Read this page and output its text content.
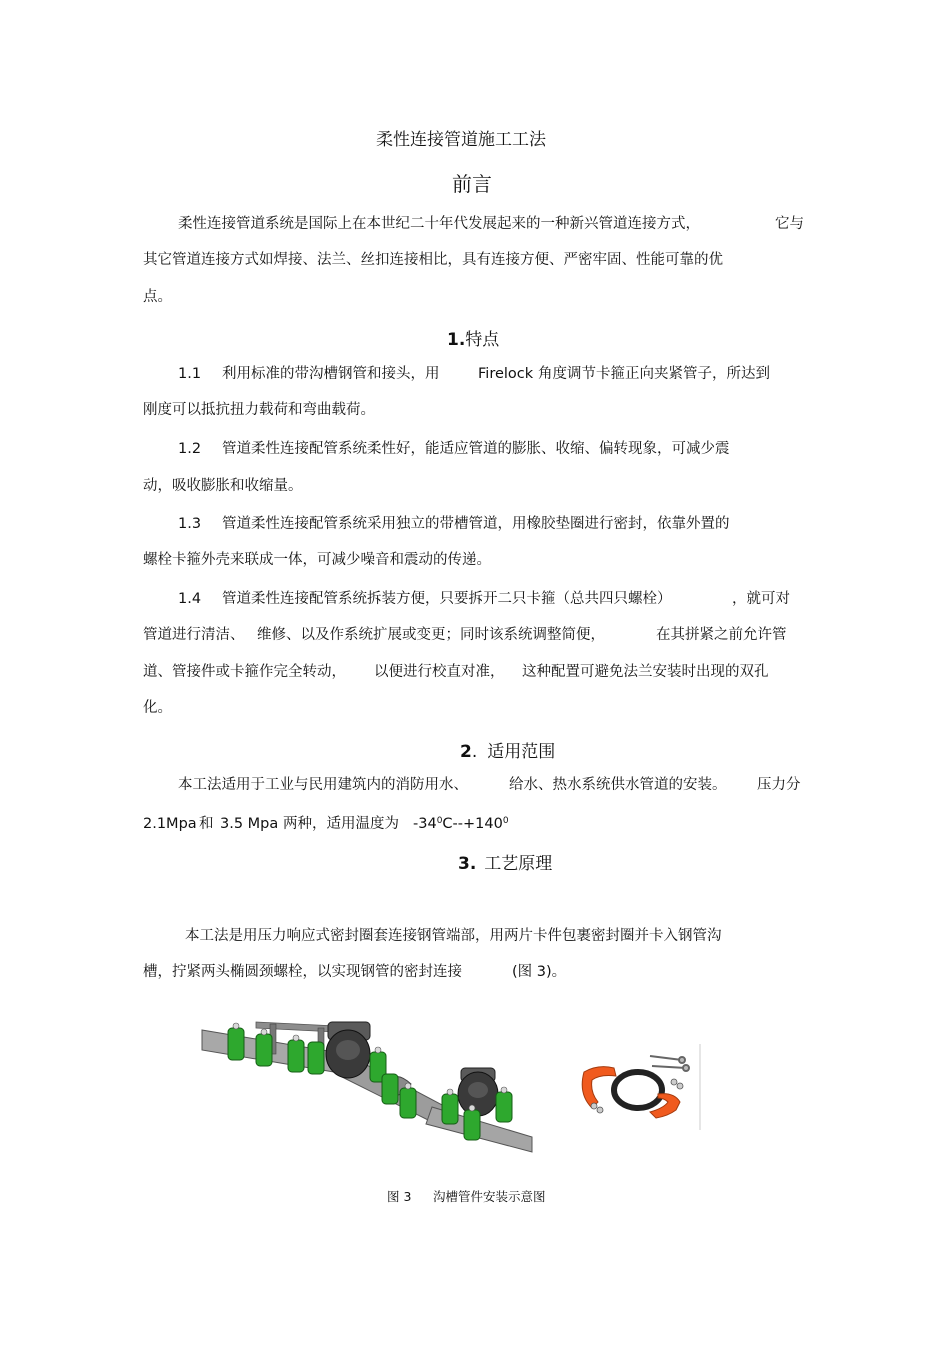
柔性连接管道施工工法
前言
柔性连接管道系统是国际上在本世纪二十年代发展起来的一种新兴管道连接方式，	它与
其它管道连接方式如焊接、法兰、丝扣连接相比，具有连接方便、严密牢固、性能可靠的优
点。
1.特点
1.1 利用标准的带沟槽钢管和接头，用	Firelock 角度调节卡箍正向夹紧管子，所达到
刚度可以抵抗扭力载荷和弯曲载荷。
1.2 管道柔性连接配管系统柔性好，能适应管道的膨胀、收缩、偏转现象，可减少震
动，吸收膨胀和收缩量。
1.3 管道柔性连接配管系统采用独立的带槽管道，用橡胶垫圈进行密封，依靠外置的
螺栓卡箍外壳来联成一体，可减少噪音和震动的传递。
1.4 管道柔性连接配管系统拆装方便，只要拆开二只卡箍（总共四只螺栓）	，就可对
管道进行清洁、 维修、以及作系统扩展或变更；同时该系统调整简便，	在其拼紧之前允许管
道、管接件或卡箍作完全转动， 以便进行校直对准， 这种配置可避免法兰安装时出现的双孔
化。
2. 适用范围
本工法适用于工业与民用建筑内的消防用水、	给水、热水系统供水管道的安装。 压力分
2.1Mpa 和 3.5 Mpa 两种，适用温度为 $-34^0C--+140^0$
3. 工艺原理
本工法是用压力响应式密封圈套连接钢管端部，用两片卡件包裹密封圈并卡入钢管沟
槽，拧紧两头椭圆颈螺栓，以实现钢管的密封连接	(图 3)。
图 3 沟槽管件安装示意图
